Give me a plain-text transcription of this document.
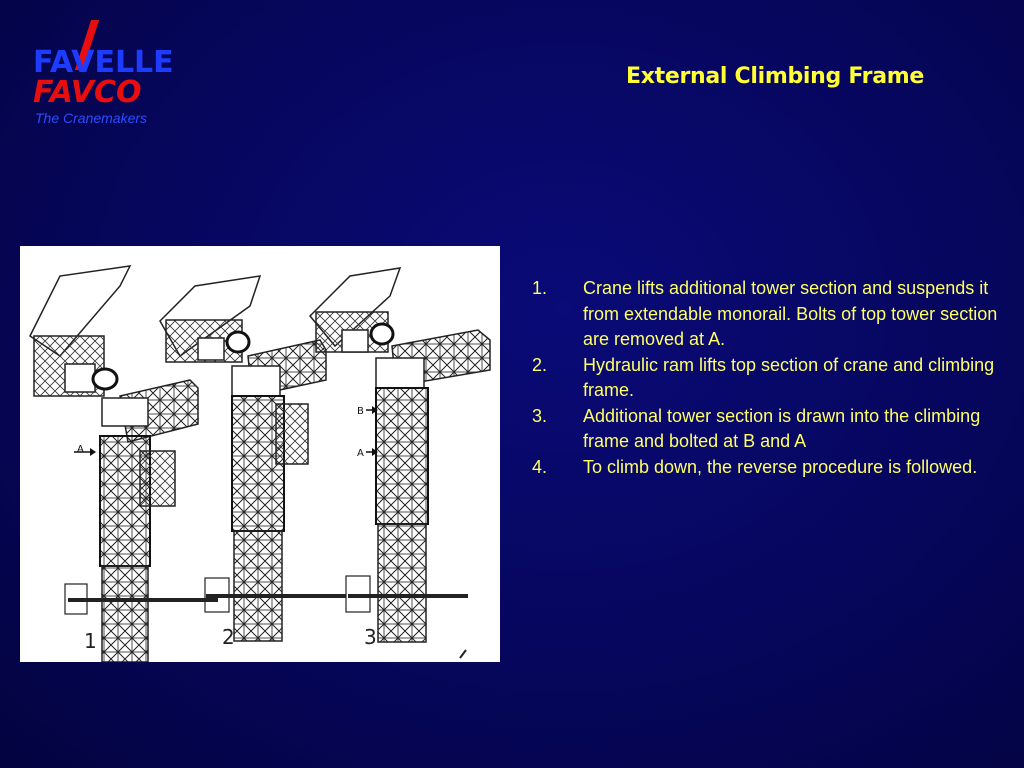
FAVELLE
FAVCO
The Cranemakers
External Climbing Frame
A
1	2
B
A
3
1. Crane lifts additional tower section and suspends it from extendable monorail. Bolts of top tower section are removed at A.
2. Hydraulic ram lifts top section of crane and climbing frame.
3. Additional tower section is drawn into the climbing frame and bolted at B and A
4. To climb down, the reverse procedure is followed.
